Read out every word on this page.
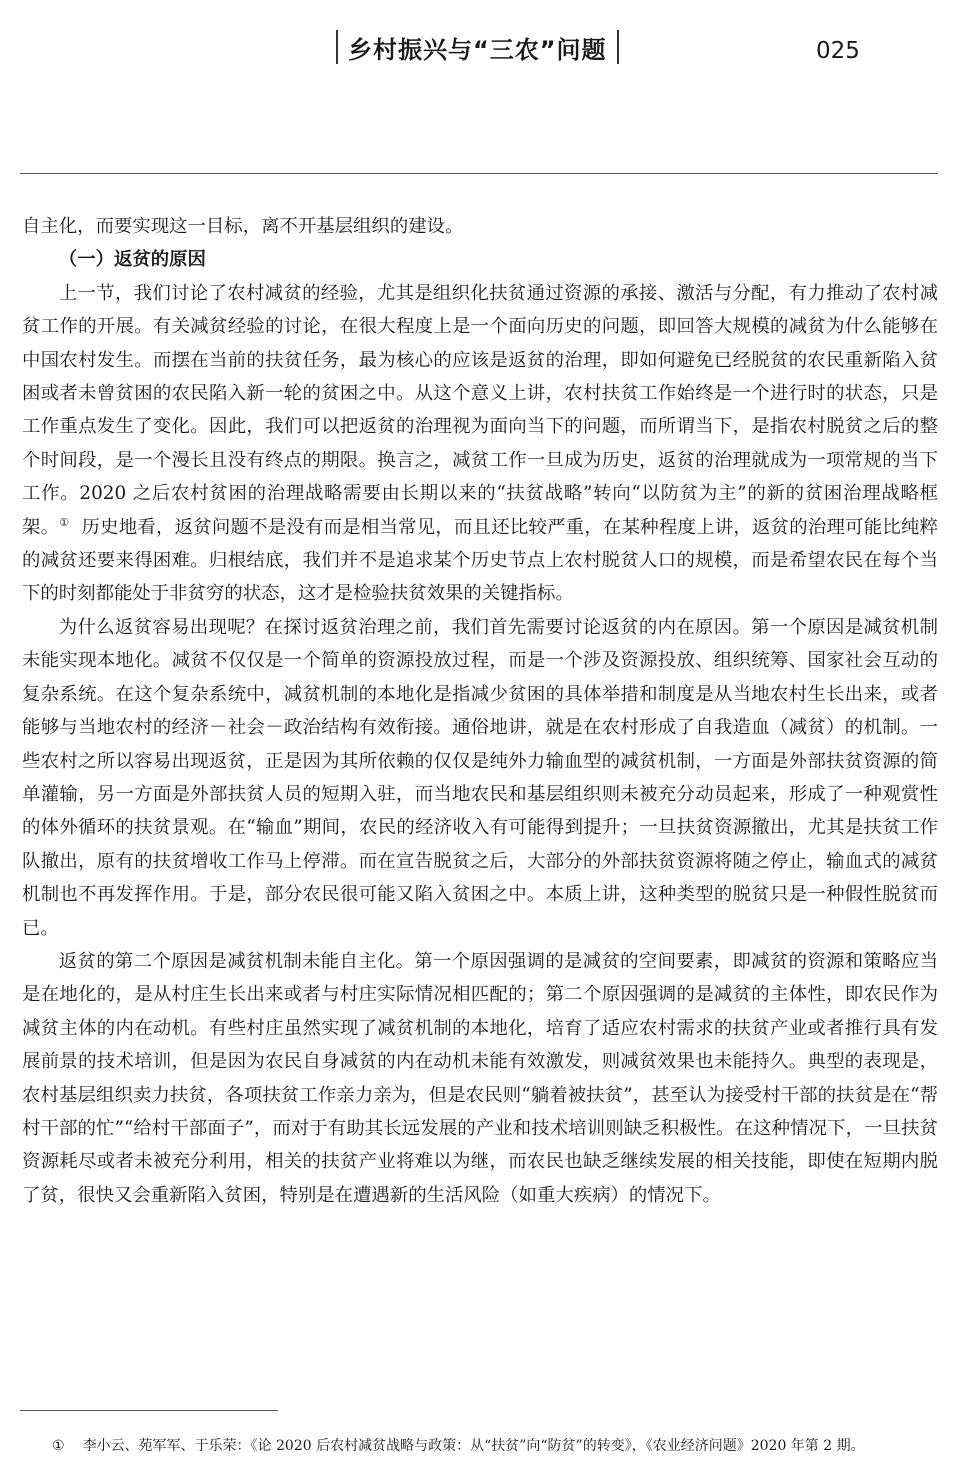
乡村振兴与“三农”问题	025

自主化，而要实现这一目标，离不开基层组织的建设。

（一）返贫的原因

上一节，我们讨论了农村减贫的经验，尤其是组织化扶贫通过资源的承接、激活与分配，有力推动了农村减贫工作的开展。有关减贫经验的讨论，在很大程度上是一个面向历史的问题，即回答大规模的减贫为什么能够在中国农村发生。而摆在当前的扶贫任务，最为核心的应该是返贫的治理，即如何避免已经脱贫的农民重新陷入贫困或者未曾贫困的农民陷入新一轮的贫困之中。从这个意义上讲，农村扶贫工作始终是一个进行时的状态，只是工作重点发生了变化。因此，我们可以把返贫的治理视为面向当下的问题，而所谓当下，是指农村脱贫之后的整个时间段，是一个漫长且没有终点的期限。换言之，减贫工作一旦成为历史，返贫的治理就成为一项常规的当下工作。2020 之后农村贫困的治理战略需要由长期以来的“扶贫战略”转向“以防贫为主”的新的贫困治理战略框架。① 历史地看，返贫问题不是没有而是相当常见，而且还比较严重，在某种程度上讲，返贫的治理可能比纯粹的减贫还要来得困难。归根结底，我们并不是追求某个历史节点上农村脱贫人口的规模，而是希望农民在每个当下的时刻都能处于非贫穷的状态，这才是检验扶贫效果的关键指标。

为什么返贫容易出现呢？在探讨返贫治理之前，我们首先需要讨论返贫的内在原因。第一个原因是减贫机制未能实现本地化。减贫不仅仅是一个简单的资源投放过程，而是一个涉及资源投放、组织统筹、国家社会互动的复杂系统。在这个复杂系统中，减贫机制的本地化是指减少贫困的具体举措和制度是从当地农村生长出来，或者能够与当地农村的经济－社会－政治结构有效衔接。通俗地讲，就是在农村形成了自我造血（减贫）的机制。一些农村之所以容易出现返贫，正是因为其所依赖的仅仅是纯外力输血型的减贫机制，一方面是外部扶贫资源的简单灌输，另一方面是外部扶贫人员的短期入驻，而当地农民和基层组织则未被充分动员起来，形成了一种观赏性的体外循环的扶贫景观。在“输血”期间，农民的经济收入有可能得到提升；一旦扶贫资源撤出，尤其是扶贫工作队撤出，原有的扶贫增收工作马上停滞。而在宣告脱贫之后，大部分的外部扶贫资源将随之停止，输血式的减贫机制也不再发挥作用。于是，部分农民很可能又陷入贫困之中。本质上讲，这种类型的脱贫只是一种假性脱贫而已。

返贫的第二个原因是减贫机制未能自主化。第一个原因强调的是减贫的空间要素，即减贫的资源和策略应当是在地化的，是从村庄生长出来或者与村庄实际情况相匹配的；第二个原因强调的是减贫的主体性，即农民作为减贫主体的内在动机。有些村庄虽然实现了减贫机制的本地化，培育了适应农村需求的扶贫产业或者推行具有发展前景的技术培训，但是因为农民自身减贫的内在动机未能有效激发，则减贫效果也未能持久。典型的表现是，农村基层组织卖力扶贫，各项扶贫工作亲力亲为，但是农民则“躺着被扶贫”，甚至认为接受村干部的扶贫是在“帮村干部的忙”“给村干部面子”，而对于有助其长远发展的产业和技术培训则缺乏积极性。在这种情况下，一旦扶贫资源耗尽或者未被充分利用，相关的扶贫产业将难以为继，而农民也缺乏继续发展的相关技能，即使在短期内脱了贫，很快又会重新陷入贫困，特别是在遭遇新的生活风险（如重大疾病）的情况下。

① 李小云、苑军军、于乐荣：《论 2020 后农村减贫战略与政策：从“扶贫”向“防贫”的转变》，《农业经济问题》2020 年第 2 期。
